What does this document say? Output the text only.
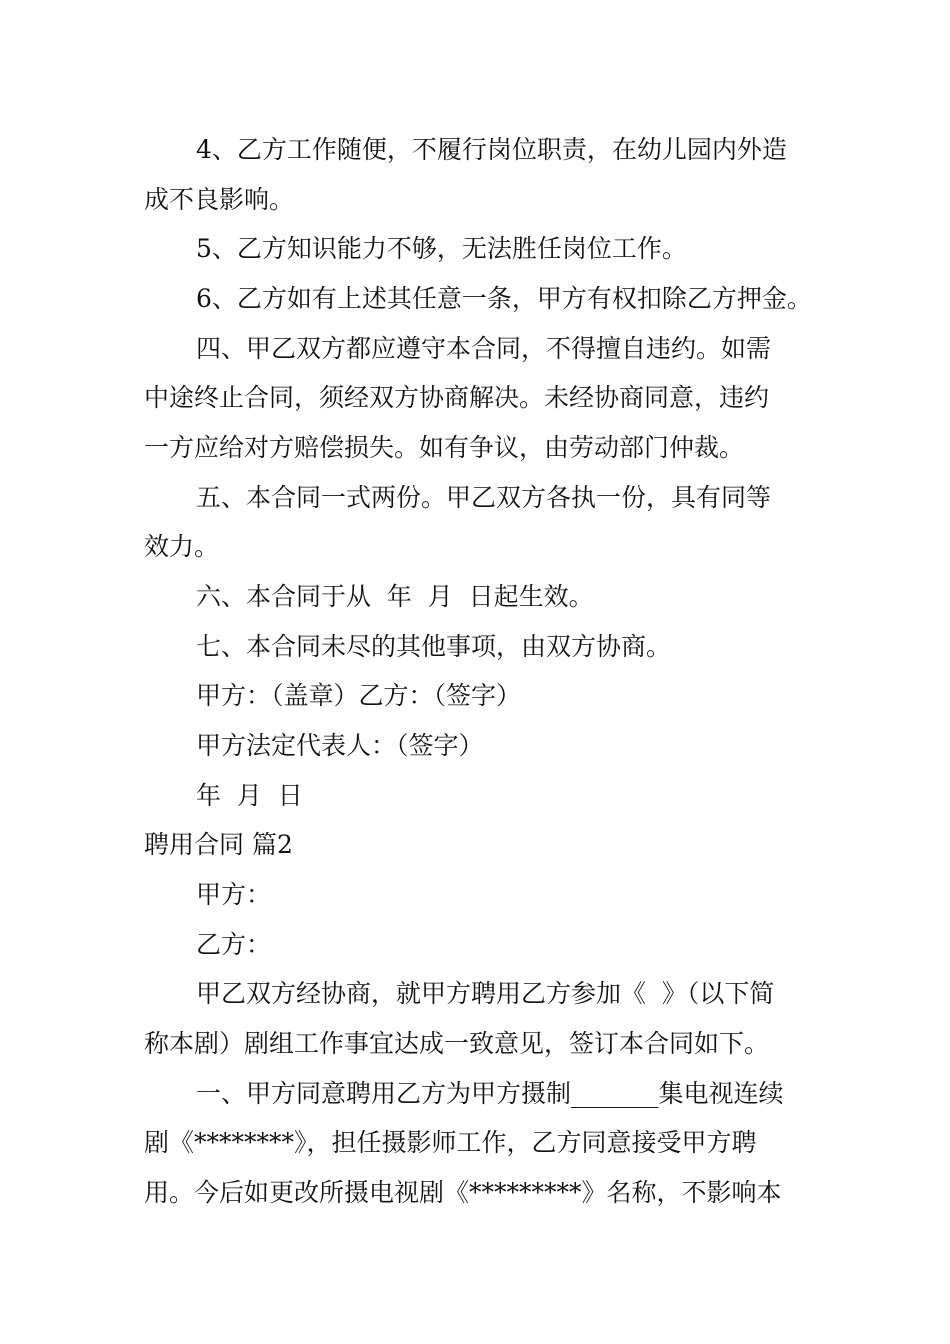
4、乙方工作随便，不履行岗位职责，在幼儿园内外造

成不良影响。

5、乙方知识能力不够，无法胜任岗位工作。

6、乙方如有上述其任意一条，甲方有权扣除乙方押金。

四、甲乙双方都应遵守本合同，不得擅自违约。如需

中途终止合同，须经双方协商解决。未经协商同意，违约

一方应给对方赔偿损失。如有争议，由劳动部门仲裁。

五、本合同一式两份。甲乙双方各执一份，具有同等

效力。

六、本合同于从  年  月  日起生效。

七、本合同未尽的其他事项，由双方协商。

甲方：（盖章）乙方：（签字）

甲方法定代表人：（签字）

年  月  日

聘用合同 篇2

甲方：

乙方：

甲乙双方经协商，就甲方聘用乙方参加《  》（以下简

称本剧）剧组工作事宜达成一致意见，签订本合同如下。

一、甲方同意聘用乙方为甲方摄制_______集电视连续

剧《********》，担任摄影师工作，乙方同意接受甲方聘

用。今后如更改所摄电视剧《*********》名称，不影响本
